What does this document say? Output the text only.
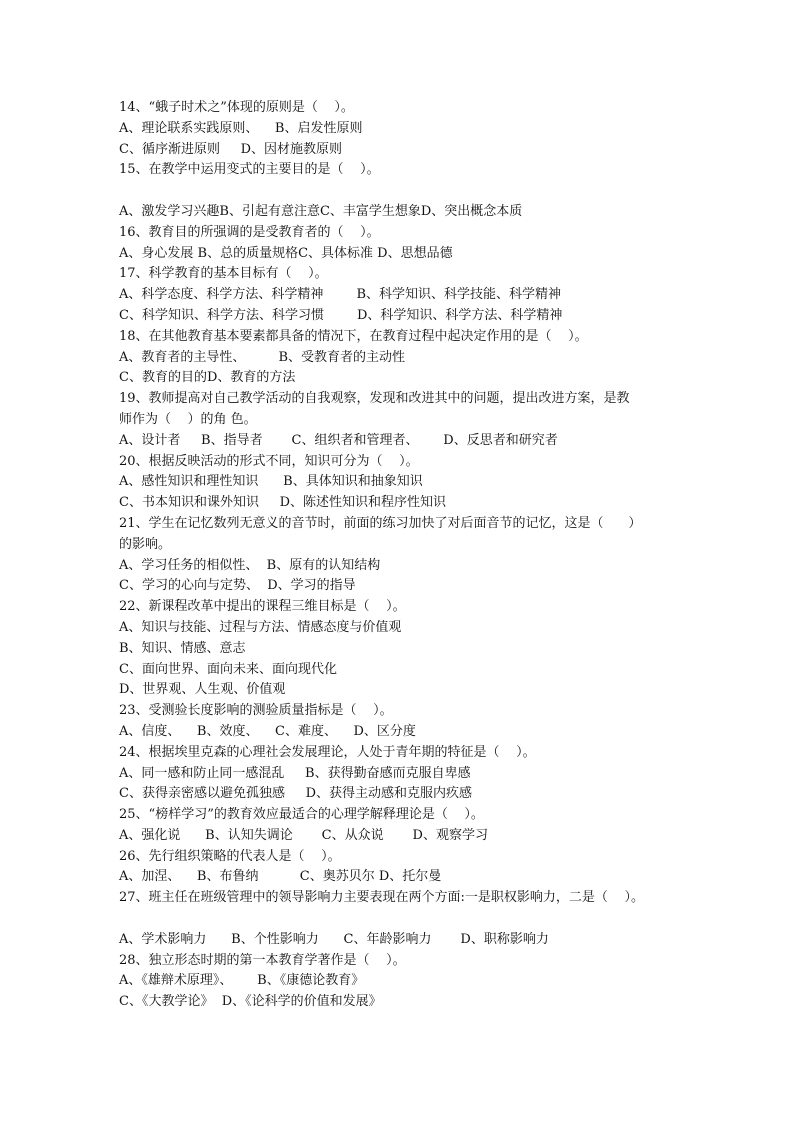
14、“蛾子时术之”体现的原则是（    ）。
A、理论联系实践原则、    B、启发性原则
C、循序渐进原则     D、因材施教原则
15、在教学中运用变式的主要目的是（    ）。
A、激发学习兴趣B、引起有意注意C、丰富学生想象D、突出概念本质
16、教育目的所强调的是受教育者的（    ）。
A、身心发展 B、总的质量规格C、具体标准 D、思想品德
17、科学教育的基本目标有（    ）。
A、科学态度、科学方法、科学精神        B、科学知识、科学技能、科学精神
C、科学知识、科学方法、科学习惯        D、科学知识、科学方法、科学精神
18、在其他教育基本要素都具备的情况下，在教育过程中起决定作用的是（    ）。
A、教育者的主导性、        B、受教育者的主动性
C、教育的目的D、教育的方法
19、教师提高对自己教学活动的自我观察，发现和改进其中的问题，提出改进方案，是教
师作为（    ）的角 色。
A、设计者     B、指导者       C、组织者和管理者、      D、反思者和研究者
20、根据反映活动的形式不同，知识可分为（    ）。
A、感性知识和理性知识      B、具体知识和抽象知识
C、书本知识和课外知识     D、陈述性知识和程序性知识
21、学生在记忆数列无意义的音节时，前面的练习加快了对后面音节的记忆，这是（      ）
的影响。
A、学习任务的相似性、  B、原有的认知结构
C、学习的心向与定势、  D、学习的指导
22、新课程改革中提出的课程三维目标是（    ）。
A、知识与技能、过程与方法、情感态度与价值观
B、知识、情感、意志
C、面向世界、面向未来、面向现代化
D、世界观、人生观、价值观
23、受测验长度影响的测验质量指标是（    ）。
A、信度、    B、效度、    C、难度、    D、区分度
24、根据埃里克森的心理社会发展理论，人处于青年期的特征是（    ）。
A、同一感和防止同一感混乱     B、获得勤奋感而克服自卑感
C、获得亲密感以避免孤独感     D、获得主动感和克服内疚感
25、“榜样学习”的教育效应最适合的心理学解释理论是（    ）。
A、强化说      B、认知失调论       C、从众说       D、观察学习
26、先行组织策略的代表人是（    ）。
A、加涅、    B、布鲁纳          C、奥苏贝尔 D、托尔曼
27、班主任在班级管理中的领导影响力主要表现在两个方面:一是职权影响力，二是（    ）。
A、学术影响力      B、个性影响力      C、年龄影响力       D、职称影响力
28、独立形态时期的第一本教育学著作是（    ）。
A、《雄辩术原理》、      B、《康德论教育》
C、《大教学论》  D、《论科学的价值和发展》
